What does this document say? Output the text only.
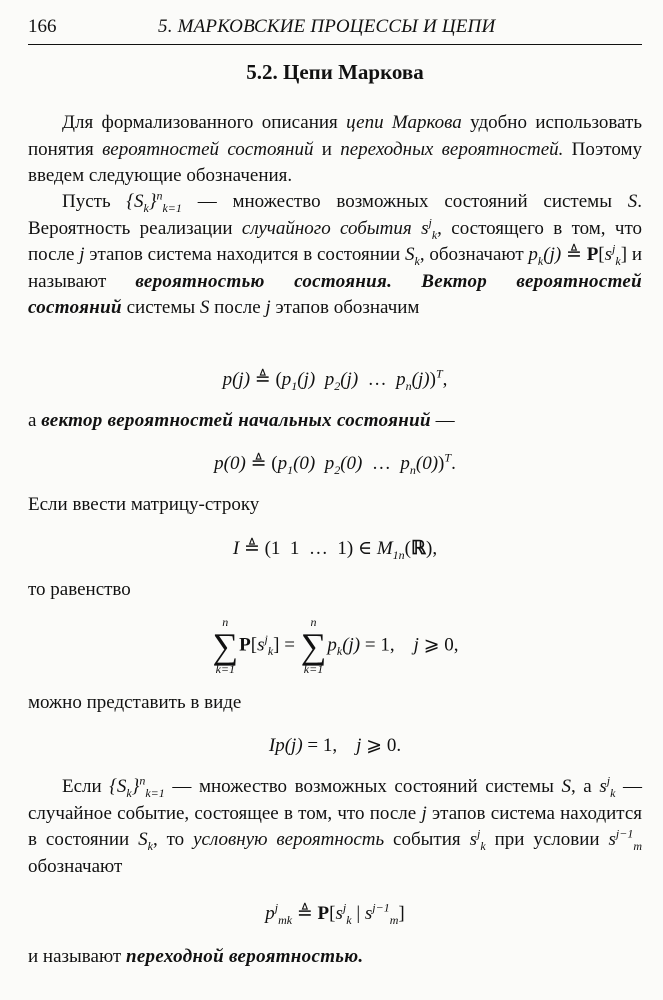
166	5. МАРКОВСКИЕ ПРОЦЕССЫ И ЦЕПИ
5.2. Цепи Маркова

Для формализованного описания цепи Маркова удобно использовать понятия вероятностей состояний и переходных вероятностей. Поэтому введем следующие обозначения.

Пусть $\{S_k\}^n_{k=1}$ — множество возможных состояний системы S. Вероятность реализации случайного события $s^j_k$, состоящего в том, что после j этапов система находится в состоянии $S_k$, обозначают $p_k(j)$ ≜ $P[s^j_k]$ и называют вероятностью состояния. Вектор вероятностей состояний системы S после j этапов обозначим

p(j) ≜ ($p_1(j)$  $p_2(j)$  …  $p_n(j))^T$,

а вектор вероятностей начальных состояний —

p(0) ≜ ($p_1(0)$  $p_2(0)$  …  $p_n(0))^T$.

Если ввести матрицу-строку

I ≜ (1  1  …  1) ∈ $M_{1n}(ℝ)$,

то равенство

n
∑
k=1
$P[s^j_k]$ =
n
∑
k=1
$p_k(j) = 1$,    j ⩾ 0,

можно представить в виде

Ip(j) = 1,    j ⩾ 0.

Если $\{S_k\}^n_{k=1}$ — множество возможных состояний системы S, а $s^j_k$ — случайное событие, состоящее в том, что после j этапов система находится в состоянии $S_k$, то условную вероятность события $s^j_k$ при условии $s^{j-1}_m$ обозначают

$p^j_{mk}$ ≜ $P[s^j_k$ | $s^{j-1}_m$]

и называют переходной вероятностью.
